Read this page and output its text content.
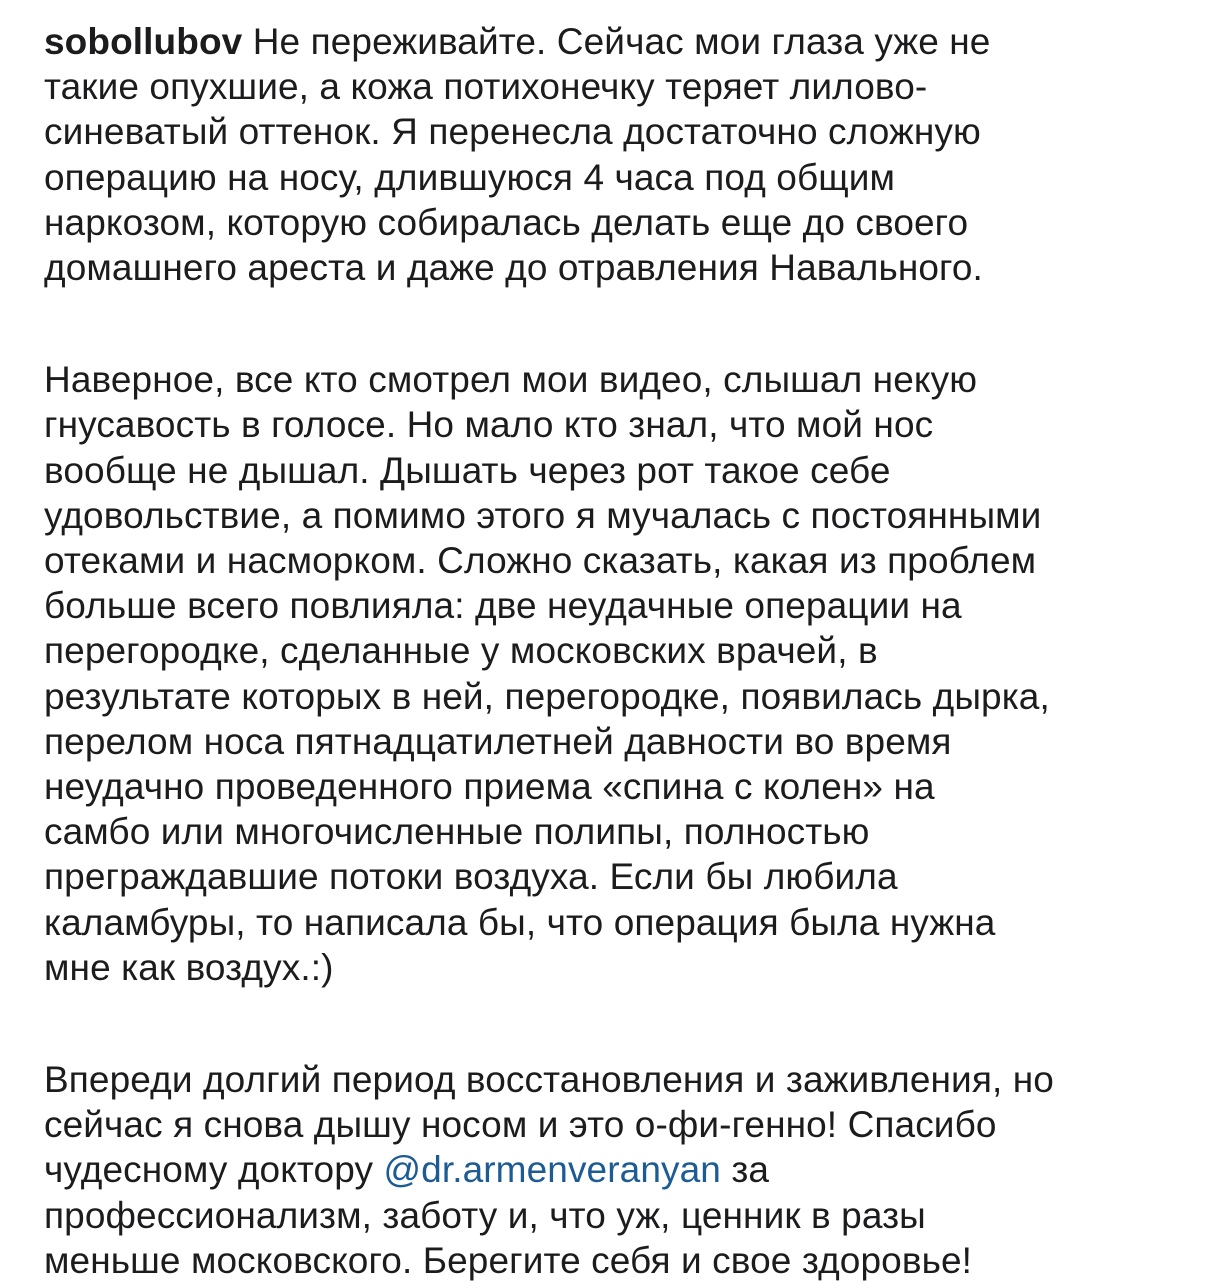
sobollubov Не переживайте. Сейчас мои глаза уже не
такие опухшие, а кожа потихонечку теряет лилово-
синеватый оттенок. Я перенесла достаточно сложную
операцию на носу, длившуюся 4 часа под общим
наркозом, которую собиралась делать еще до своего
домашнего ареста и даже до отравления Навального.
Наверное, все кто смотрел мои видео, слышал некую
гнусавость в голосе. Но мало кто знал, что мой нос
вообще не дышал. Дышать через рот такое себе
удовольствие, а помимо этого я мучалась с постоянными
отеками и насморком. Сложно сказать, какая из проблем
больше всего повлияла: две неудачные операции на
перегородке, сделанные у московских врачей, в
результате которых в ней, перегородке, появилась дырка,
перелом носа пятнадцатилетней давности во время
неудачно проведенного приема «спина с колен» на
самбо или многочисленные полипы, полностью
преграждавшие потоки воздуха. Если бы любила
каламбуры, то написала бы, что операция была нужна
мне как воздух.:)
Впереди долгий период восстановления и заживления, но
сейчас я снова дышу носом и это о-фи-генно! Спасибо
чудесному доктору @dr.armenveranyan за
профессионализм, заботу и, что уж, ценник в разы
меньше московского. Берегите себя и свое здоровье!
